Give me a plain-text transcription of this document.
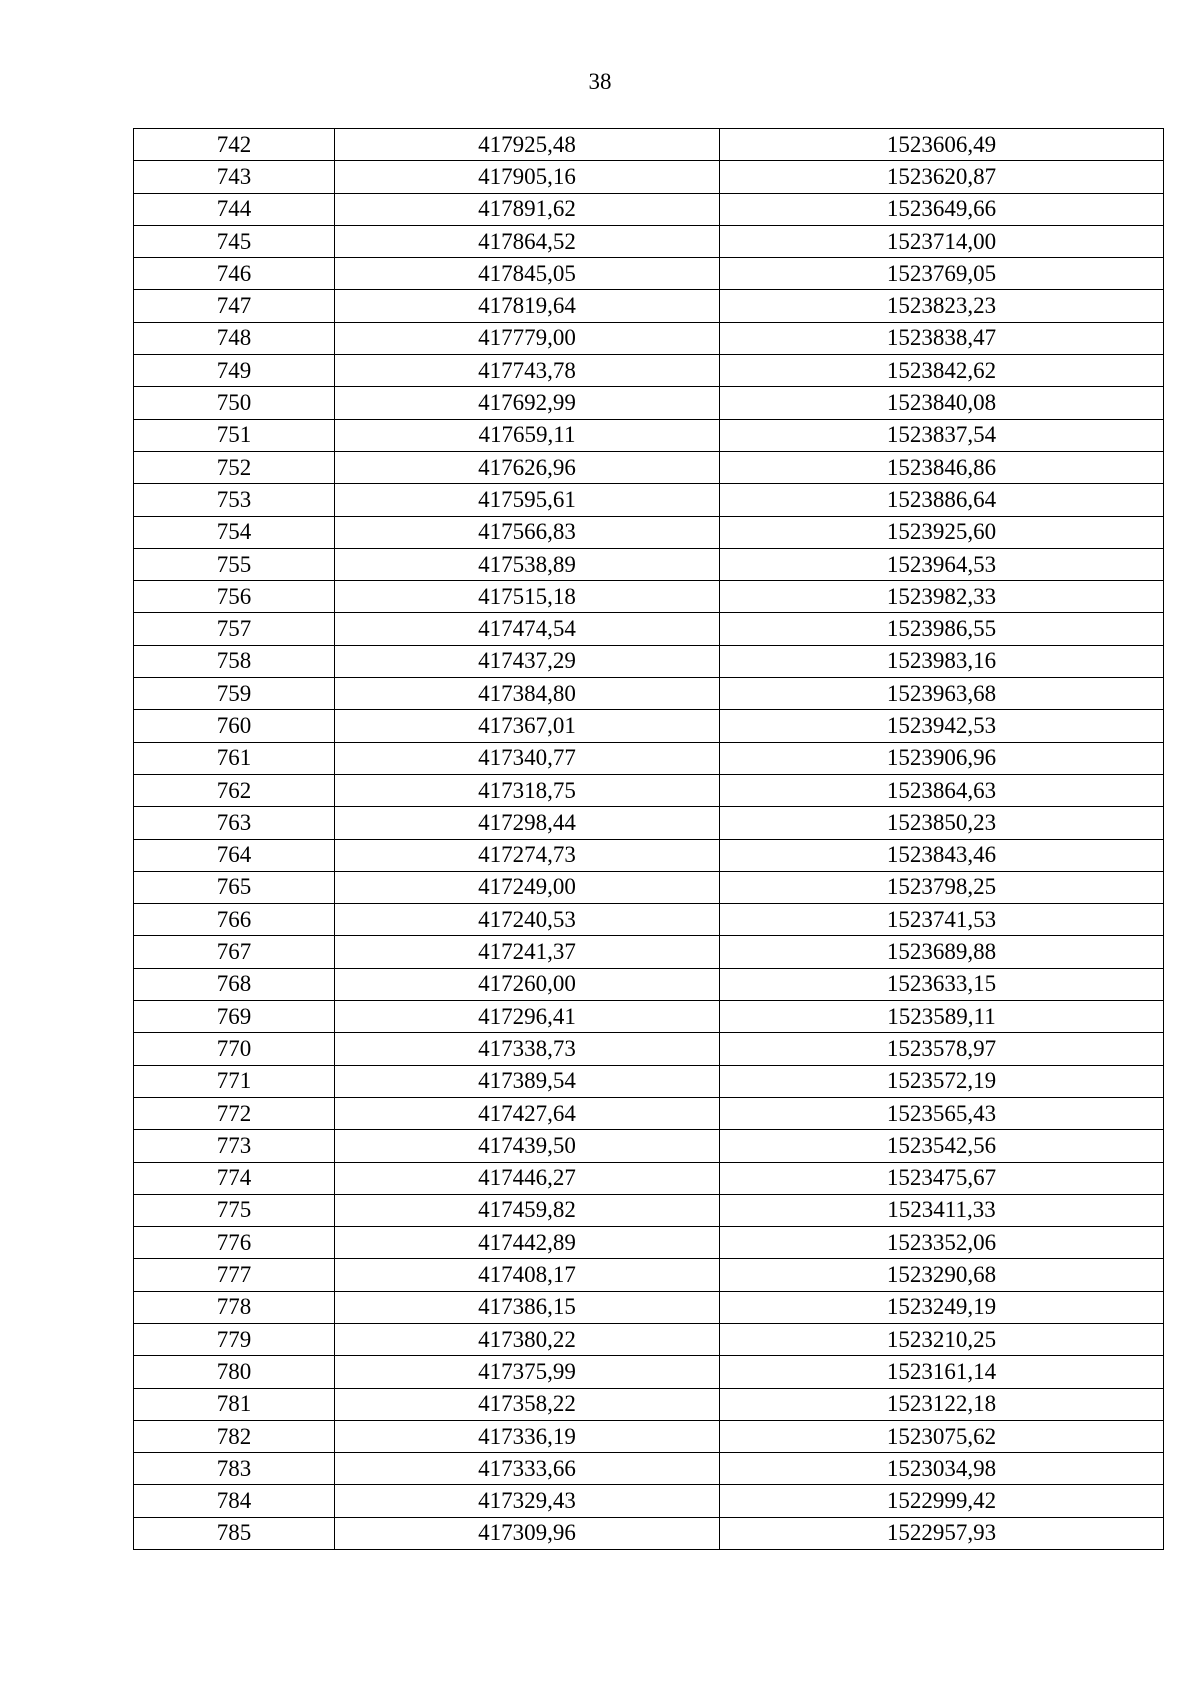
38
742	417925,48	1523606,49
743	417905,16	1523620,87
744	417891,62	1523649,66
745	417864,52	1523714,00
746	417845,05	1523769,05
747	417819,64	1523823,23
748	417779,00	1523838,47
749	417743,78	1523842,62
750	417692,99	1523840,08
751	417659,11	1523837,54
752	417626,96	1523846,86
753	417595,61	1523886,64
754	417566,83	1523925,60
755	417538,89	1523964,53
756	417515,18	1523982,33
757	417474,54	1523986,55
758	417437,29	1523983,16
759	417384,80	1523963,68
760	417367,01	1523942,53
761	417340,77	1523906,96
762	417318,75	1523864,63
763	417298,44	1523850,23
764	417274,73	1523843,46
765	417249,00	1523798,25
766	417240,53	1523741,53
767	417241,37	1523689,88
768	417260,00	1523633,15
769	417296,41	1523589,11
770	417338,73	1523578,97
771	417389,54	1523572,19
772	417427,64	1523565,43
773	417439,50	1523542,56
774	417446,27	1523475,67
775	417459,82	1523411,33
776	417442,89	1523352,06
777	417408,17	1523290,68
778	417386,15	1523249,19
779	417380,22	1523210,25
780	417375,99	1523161,14
781	417358,22	1523122,18
782	417336,19	1523075,62
783	417333,66	1523034,98
784	417329,43	1522999,42
785	417309,96	1522957,93
